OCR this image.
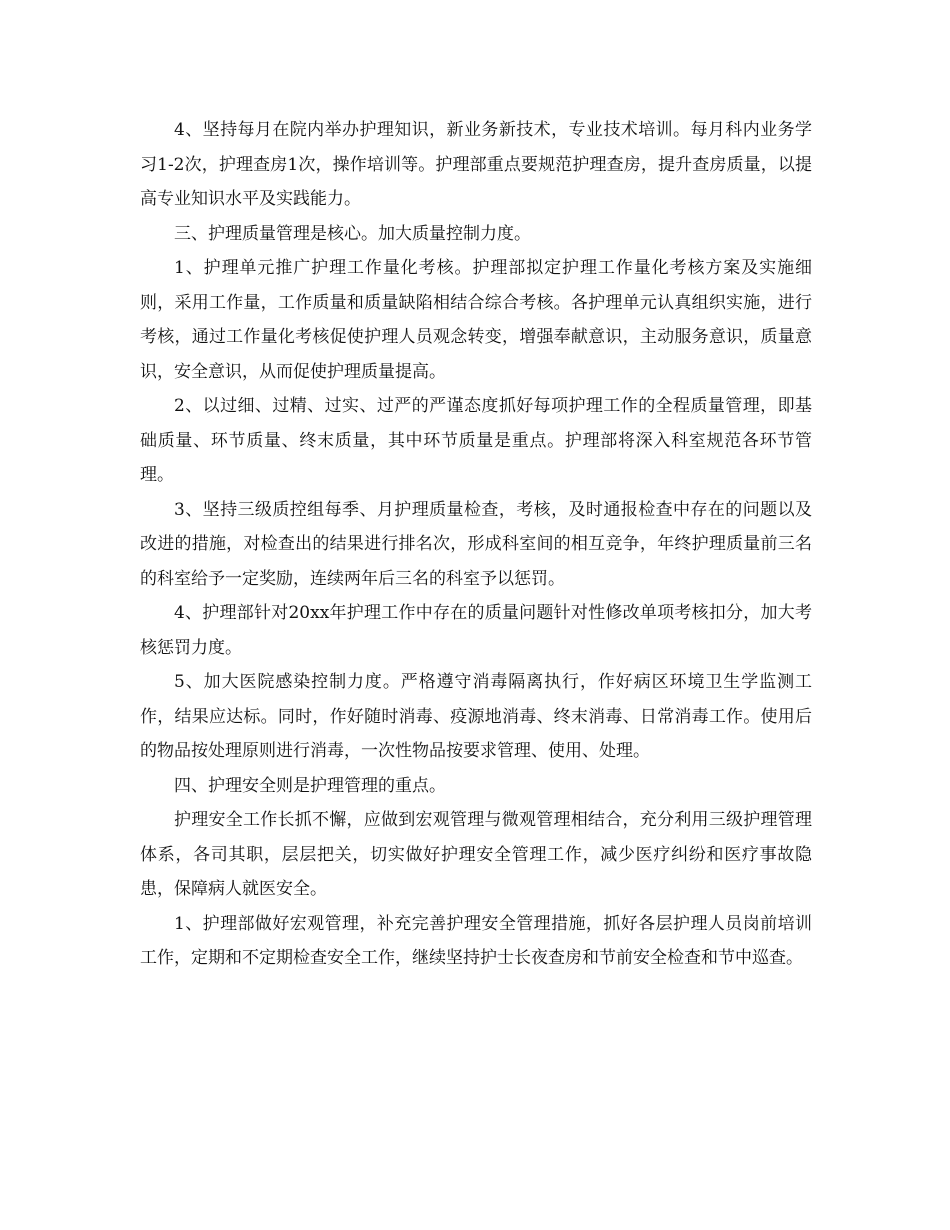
4、坚持每月在院内举办护理知识，新业务新技术，专业技术培训。每月科内业务学习1-2次，护理查房1次，操作培训等。护理部重点要规范护理查房，提升查房质量，以提高专业知识水平及实践能力。

三、护理质量管理是核心。加大质量控制力度。

1、护理单元推广护理工作量化考核。护理部拟定护理工作量化考核方案及实施细则，采用工作量，工作质量和质量缺陷相结合综合考核。各护理单元认真组织实施，进行考核，通过工作量化考核促使护理人员观念转变，增强奉献意识，主动服务意识，质量意识，安全意识，从而促使护理质量提高。

2、以过细、过精、过实、过严的严谨态度抓好每项护理工作的全程质量管理，即基础质量、环节质量、终末质量，其中环节质量是重点。护理部将深入科室规范各环节管理。

3、坚持三级质控组每季、月护理质量检查，考核，及时通报检查中存在的问题以及改进的措施，对检查出的结果进行排名次，形成科室间的相互竞争，年终护理质量前三名的科室给予一定奖励，连续两年后三名的科室予以惩罚。

4、护理部针对20xx年护理工作中存在的质量问题针对性修改单项考核扣分，加大考核惩罚力度。

5、加大医院感染控制力度。严格遵守消毒隔离执行，作好病区环境卫生学监测工作，结果应达标。同时，作好随时消毒、疫源地消毒、终末消毒、日常消毒工作。使用后的物品按处理原则进行消毒，一次性物品按要求管理、使用、处理。

四、护理安全则是护理管理的重点。

护理安全工作长抓不懈，应做到宏观管理与微观管理相结合，充分利用三级护理管理体系，各司其职，层层把关，切实做好护理安全管理工作，减少医疗纠纷和医疗事故隐患，保障病人就医安全。

1、护理部做好宏观管理，补充完善护理安全管理措施，抓好各层护理人员岗前培训工作，定期和不定期检查安全工作，继续坚持护士长夜查房和节前安全检查和节中巡查。
